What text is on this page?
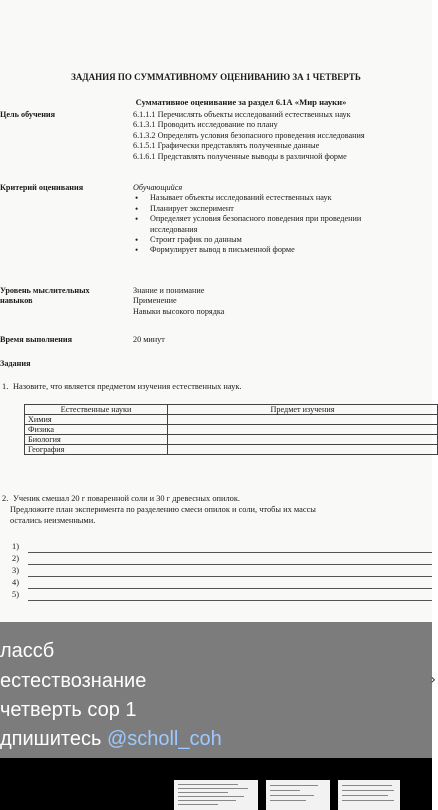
ЗАДАНИЯ ПО СУММАТИВНОМУ ОЦЕНИВАНИЮ ЗА 1 ЧЕТВЕРТЬ
Суммативное оценивание за раздел 6.1А «Мир науки»
Цель обучения	6.1.1.1 Перечислять объекты исследований естественных наук
6.1.3.1 Проводить исследование по плану
6.1.3.2 Определять условия безопасного проведения исследования
6.1.5.1 Графически представлять полученные данные
6.1.6.1 Представлять полученные выводы в различной форме
Критерий оценивания	Обучающийся
• Называет объекты исследований естественных наук
• Планирует эксперимент
• Определяет условия безопасного поведения при проведении
исследования
• Строит график по данным
• Формулирует вывод в письменной форме
Уровень мыслительных
навыков
Знание и понимание
Применение
Навыки высокого порядка
Время выполнения	20 минут
Задания
1. Назовите, что является предметом изучения естественных наук.
Естественные науки	Предмет изучения
Химия	
Физика	
Биология	
География	
2. Ученик смешал 20 г поваренной соли и 30 г древесных опилок.
Предложите план эксперимента по разделению смеси опилок и соли, чтобы их массы
остались неизменными.
1)
2)
3)
4)
5)
лассб
естествознание
четверть сор 1
дпишитесь @scholl_coh
›
